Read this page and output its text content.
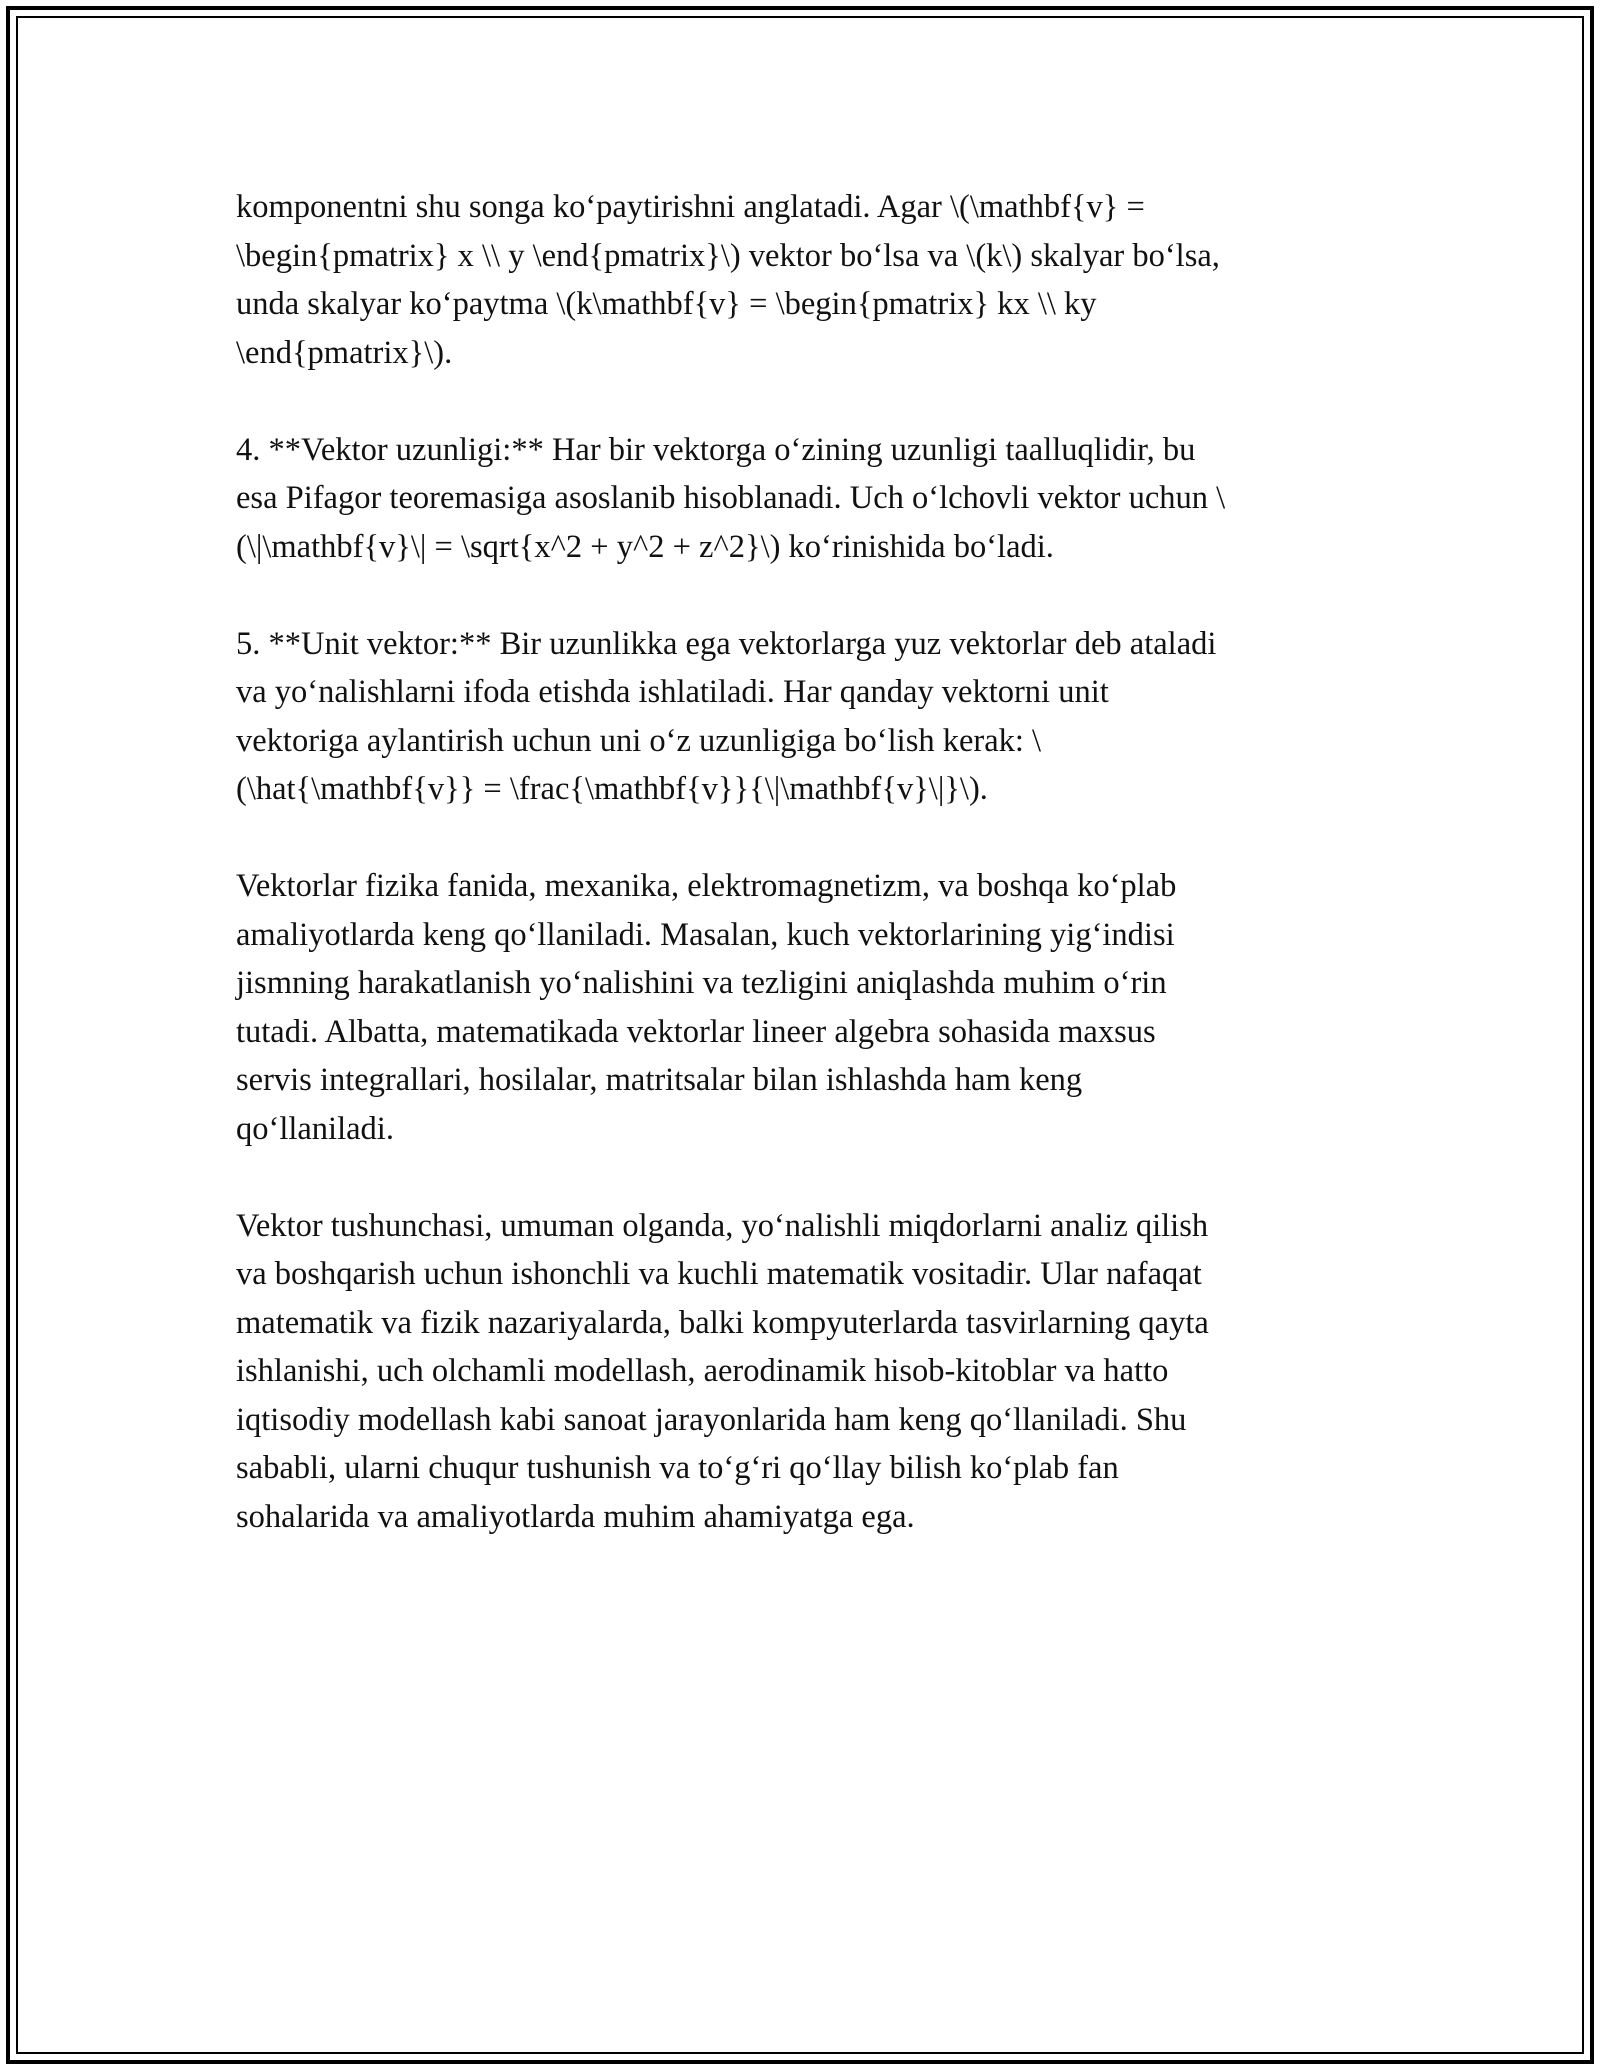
komponentni shu songa ko‘paytirishni anglatadi. Agar \(\mathbf{v} =
\begin{pmatrix} x \\ y \end{pmatrix}\) vektor bo‘lsa va \(k\) skalyar bo‘lsa,
unda skalyar ko‘paytma \(k\mathbf{v} = \begin{pmatrix} kx \\ ky
\end{pmatrix}\).

4. **Vektor uzunligi:** Har bir vektorga o‘zining uzunligi taalluqlidir, bu
esa Pifagor teoremasiga asoslanib hisoblanadi. Uch o‘lchovli vektor uchun \
(\|\mathbf{v}\| = \sqrt{x^2 + y^2 + z^2}\) ko‘rinishida bo‘ladi.

5. **Unit vektor:** Bir uzunlikka ega vektorlarga yuz vektorlar deb ataladi
va yo‘nalishlarni ifoda etishda ishlatiladi. Har qanday vektorni unit
vektoriga aylantirish uchun uni o‘z uzunligiga bo‘lish kerak: \
(\hat{\mathbf{v}} = \frac{\mathbf{v}}{\|\mathbf{v}\|}\).

Vektorlar fizika fanida, mexanika, elektromagnetizm, va boshqa ko‘plab
amaliyotlarda keng qo‘llaniladi. Masalan, kuch vektorlarining yig‘indisi
jismning harakatlanish yo‘nalishini va tezligini aniqlashda muhim o‘rin
tutadi. Albatta, matematikada vektorlar lineer algebra sohasida maxsus
servis integrallari, hosilalar, matritsalar bilan ishlashda ham keng
qo‘llaniladi.

Vektor tushunchasi, umuman olganda, yo‘nalishli miqdorlarni analiz qilish
va boshqarish uchun ishonchli va kuchli matematik vositadir. Ular nafaqat
matematik va fizik nazariyalarda, balki kompyuterlarda tasvirlarning qayta
ishlanishi, uch olchamli modellash, aerodinamik hisob-kitoblar va hatto
iqtisodiy modellash kabi sanoat jarayonlarida ham keng qo‘llaniladi. Shu
sababli, ularni chuqur tushunish va to‘g‘ri qo‘llay bilish ko‘plab fan
sohalarida va amaliyotlarda muhim ahamiyatga ega.
